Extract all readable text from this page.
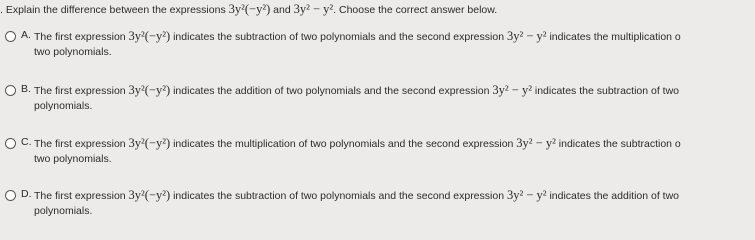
. Explain the difference between the expressions 3y²(−y²) and 3y² − y². Choose the correct answer below.
A. The first expression 3y²(−y²) indicates the subtraction of two polynomials and the second expression 3y² − y² indicates the multiplication o
two polynomials.
B. The first expression 3y²(−y²) indicates the addition of two polynomials and the second expression 3y² − y² indicates the subtraction of two
polynomials.
C. The first expression 3y²(−y²) indicates the multiplication of two polynomials and the second expression 3y² − y² indicates the subtraction o
two polynomials.
D. The first expression 3y²(−y²) indicates the subtraction of two polynomials and the second expression 3y² − y² indicates the addition of two
polynomials.
